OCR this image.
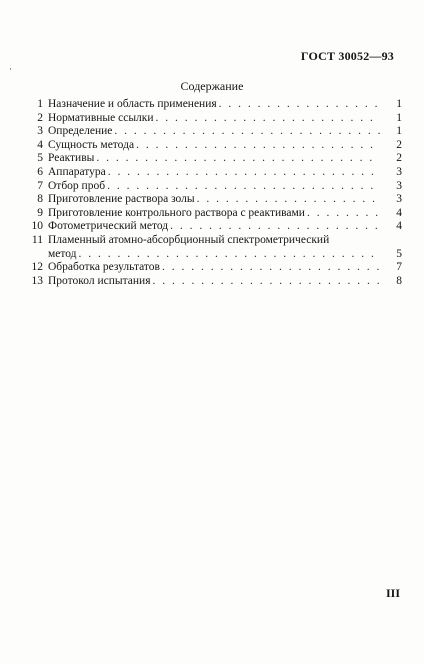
ГОСТ 30052—93
Содержание
1 Назначение и область применения . . .	1
2 Нормативные ссылки . . .	1
3 Определение . . .	1
4 Сущность метода . . .	2
5 Реактивы . . .	2
6 Аппаратура . . .	3
7 Отбор проб . . .	3
8 Приготовление раствора золы . . .	3
9 Приготовление контрольного раствора с реактивами . . .	4
10 Фотометрический метод . . .	4
11 Пламенный атомно-абсорбционный спектрометрический
метод . . .	5
12 Обработка результатов . . .	7
13 Протокол испытания . . .	8
III
